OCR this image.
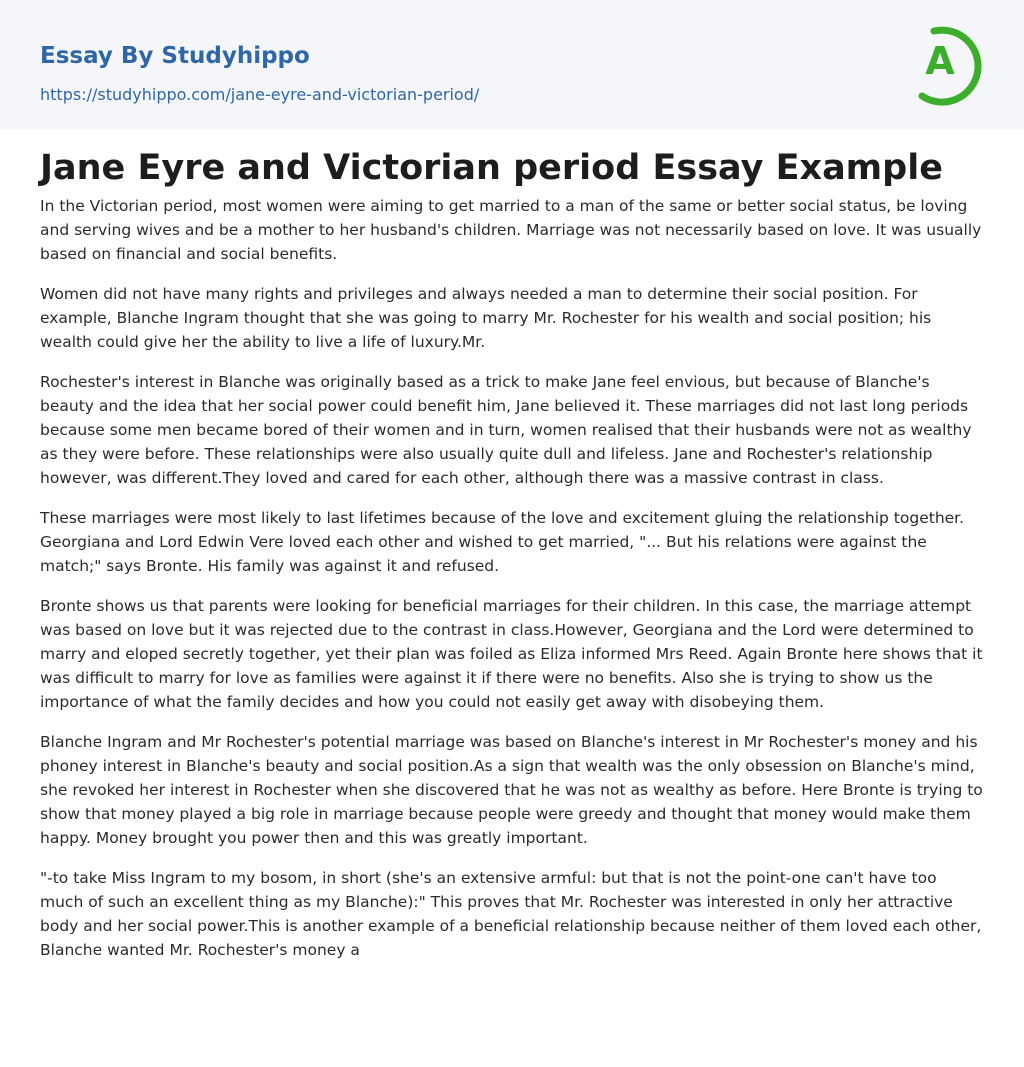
Essay By Studyhippo
https://studyhippo.com/jane-eyre-and-victorian-period/
A
Jane Eyre and Victorian period Essay Example

In the Victorian period, most women were aiming to get married to a man of the same or better social status, be loving and serving wives and be a mother to her husband's children. Marriage was not necessarily based on love. It was usually based on financial and social benefits.

Women did not have many rights and privileges and always needed a man to determine their social position. For example, Blanche Ingram thought that she was going to marry Mr. Rochester for his wealth and social position; his wealth could give her the ability to live a life of luxury.Mr.

Rochester's interest in Blanche was originally based as a trick to make Jane feel envious, but because of Blanche's beauty and the idea that her social power could benefit him, Jane believed it. These marriages did not last long periods because some men became bored of their women and in turn, women realised that their husbands were not as wealthy as they were before. These relationships were also usually quite dull and lifeless. Jane and Rochester's relationship however, was different.They loved and cared for each other, although there was a massive contrast in class.

These marriages were most likely to last lifetimes because of the love and excitement gluing the relationship together. Georgiana and Lord Edwin Vere loved each other and wished to get married, "... But his relations were against the match;" says Bronte. His family was against it and refused.

Bronte shows us that parents were looking for beneficial marriages for their children. In this case, the marriage attempt was based on love but it was rejected due to the contrast in class.However, Georgiana and the Lord were determined to marry and eloped secretly together, yet their plan was foiled as Eliza informed Mrs Reed. Again Bronte here shows that it was difficult to marry for love as families were against it if there were no benefits. Also she is trying to show us the importance of what the family decides and how you could not easily get away with disobeying them.

Blanche Ingram and Mr Rochester's potential marriage was based on Blanche's interest in Mr Rochester's money and his phoney interest in Blanche's beauty and social position.As a sign that wealth was the only obsession on Blanche's mind, she revoked her interest in Rochester when she discovered that he was not as wealthy as before. Here Bronte is trying to show that money played a big role in marriage because people were greedy and thought that money would make them happy. Money brought you power then and this was greatly important.

"-to take Miss Ingram to my bosom, in short (she's an extensive armful: but that is not the point-one can't have too much of such an excellent thing as my Blanche):" This proves that Mr. Rochester was interested in only her attractive body and her social power.This is another example of a beneficial relationship because neither of them loved each other, Blanche wanted Mr. Rochester's money a
